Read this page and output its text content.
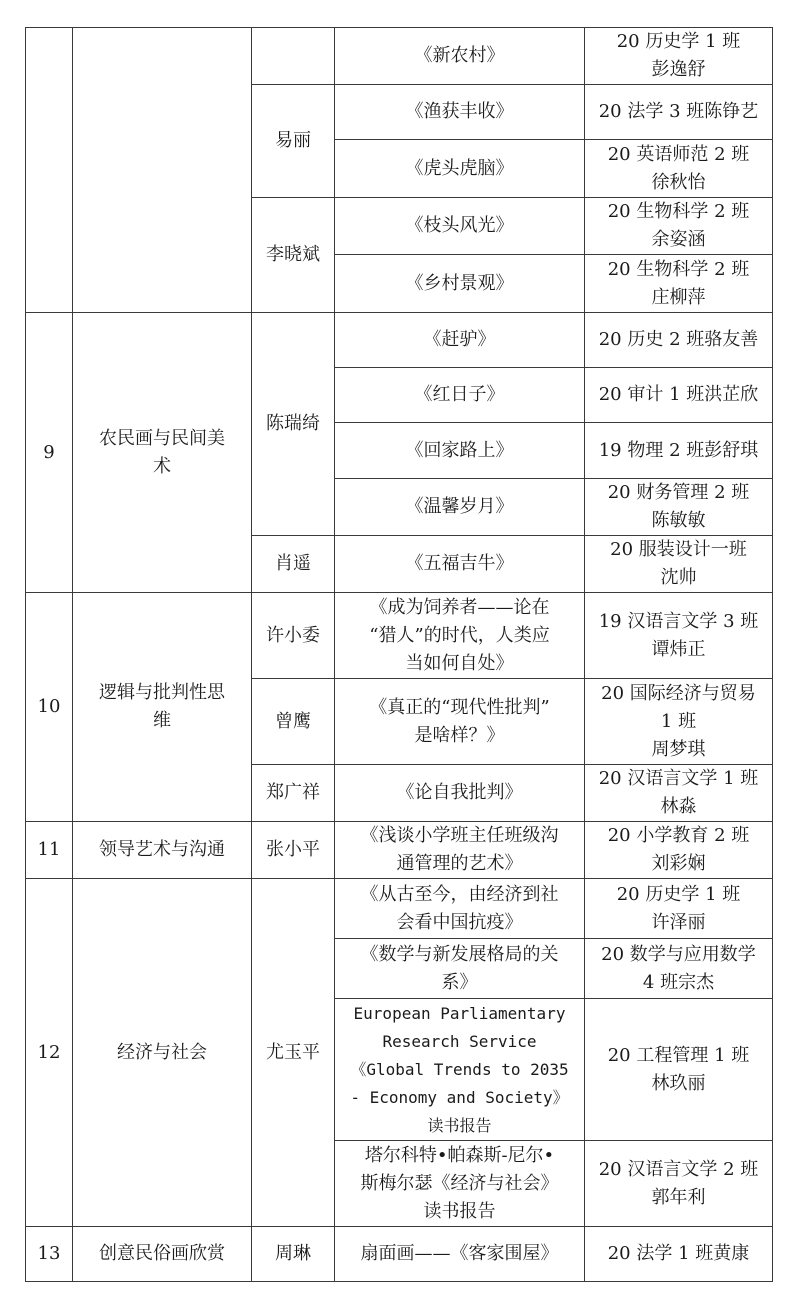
			《新农村》	20 历史学 1 班
彭逸舒
		易丽	《渔获丰收》	20 法学 3 班陈铮艺
			《虎头虎脑》	20 英语师范 2 班
徐秋怡
		李晓斌	《枝头风光》	20 生物科学 2 班
余姿涵
			《乡村景观》	20 生物科学 2 班
庄柳萍
9	农民画与民间美
术	陈瑞绮	《赶驴》	20 历史 2 班骆友善
			《红日子》	20 审计 1 班洪芷欣
			《回家路上》	19 物理 2 班彭舒琪
			《温馨岁月》	20 财务管理 2 班
陈敏敏
		肖遥	《五福吉牛》	20 服装设计一班
沈帅
10	逻辑与批判性思
维	许小委	《成为饲养者——论在
“猎人”的时代，人类应
当如何自处》	19 汉语言文学 3 班
谭炜正
		曾鹰	《真正的“现代性批判”
是啥样？》	20 国际经济与贸易
1 班
周梦琪
		郑广祥	《论自我批判》	20 汉语言文学 1 班
林淼
11	领导艺术与沟通	张小平	《浅谈小学班主任班级沟
通管理的艺术》	20 小学教育 2 班
刘彩娴
12	经济与社会	尤玉平	《从古至今，由经济到社
会看中国抗疫》	20 历史学 1 班
许泽丽
			《数学与新发展格局的关
系》	20 数学与应用数学
4 班宗杰
			European Parliamentary
Research Service
《Global Trends to 2035
- Economy and Society》
读书报告	20 工程管理 1 班
林玖丽
			塔尔科特•帕森斯-尼尔•
斯梅尔瑟《经济与社会》
读书报告	20 汉语言文学 2 班
郭年利
13	创意民俗画欣赏	周琳	扇面画——《客家围屋》	20 法学 1 班黄康
